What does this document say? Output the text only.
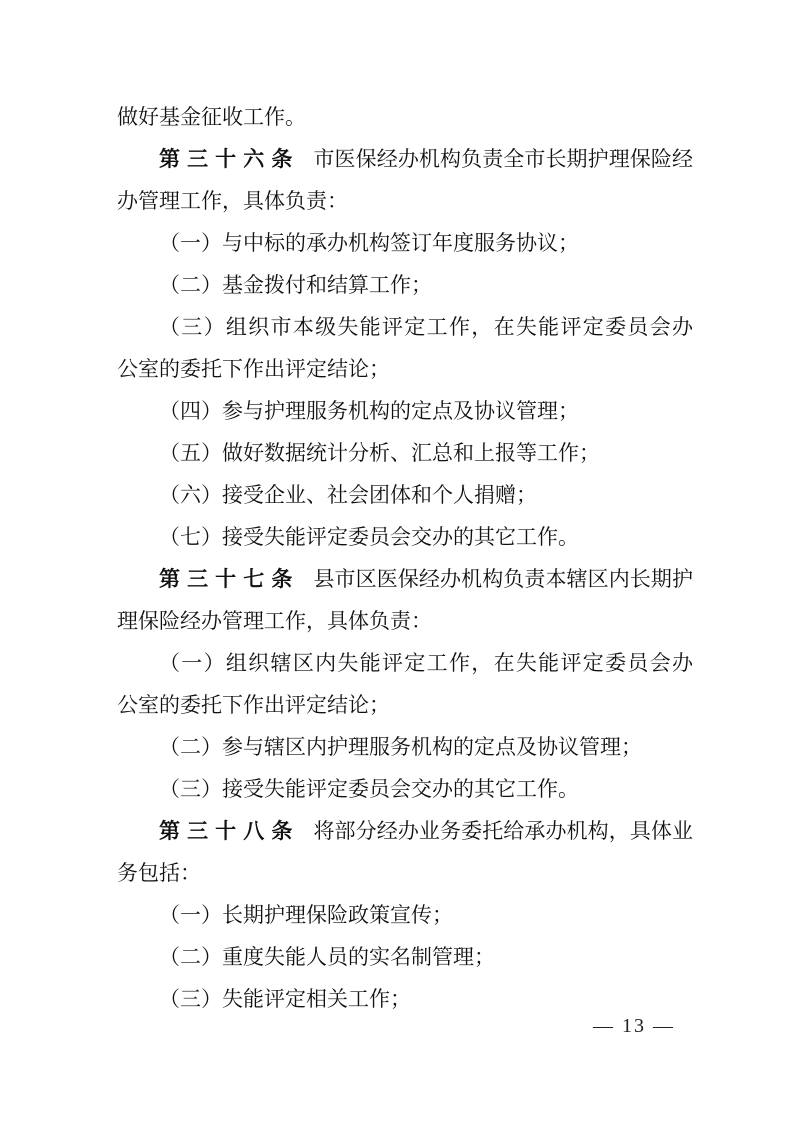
做好基金征收工作。
第三十六条 市医保经办机构负责全市长期护理保险经
办管理工作，具体负责：
（一）与中标的承办机构签订年度服务协议；
（二）基金拨付和结算工作；
（三）组织市本级失能评定工作，在失能评定委员会办
公室的委托下作出评定结论；
（四）参与护理服务机构的定点及协议管理；
（五）做好数据统计分析、汇总和上报等工作；
（六）接受企业、社会团体和个人捐赠；
（七）接受失能评定委员会交办的其它工作。
第三十七条 县市区医保经办机构负责本辖区内长期护
理保险经办管理工作，具体负责：
（一）组织辖区内失能评定工作，在失能评定委员会办
公室的委托下作出评定结论；
（二）参与辖区内护理服务机构的定点及协议管理；
（三）接受失能评定委员会交办的其它工作。
第三十八条 将部分经办业务委托给承办机构，具体业
务包括：
（一）长期护理保险政策宣传；
（二）重度失能人员的实名制管理；
（三）失能评定相关工作；
— 13 —
